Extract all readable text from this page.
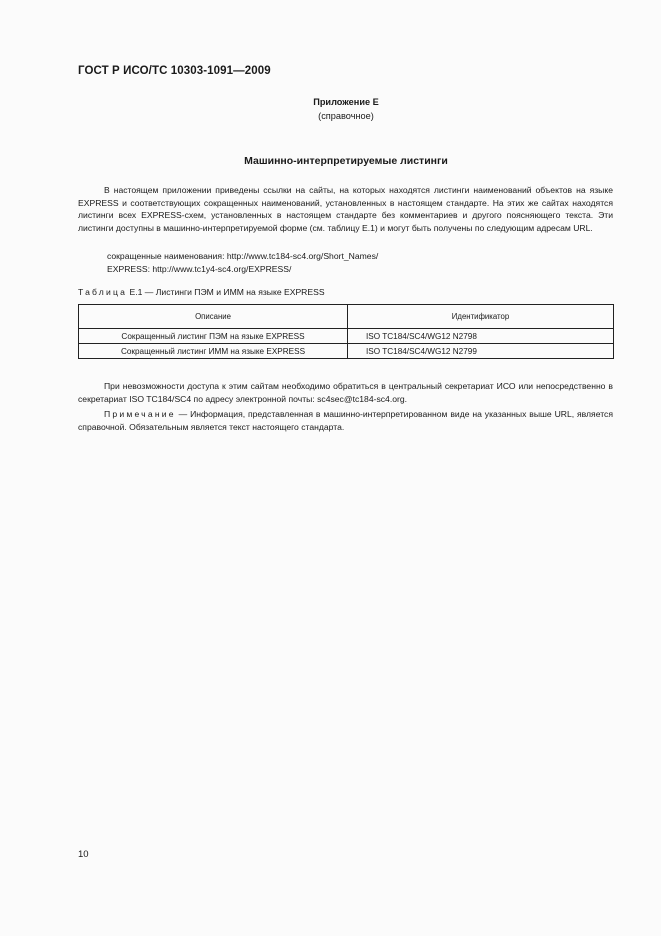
ГОСТ Р ИСО/ТС 10303-1091—2009
Приложение Е
(справочное)
Машинно-интерпретируемые листинги

В настоящем приложении приведены ссылки на сайты, на которых находятся листинги наименований объектов на языке EXPRESS и соответствующих сокращенных наименований, установленных в настоящем стандарте. На этих же сайтах находятся листинги всех EXPRESS-схем, установленных в настоящем стандарте без комментариев и другого поясняющего текста. Эти листинги доступны в машинно-интерпретируемой форме (см. таблицу Е.1) и могут быть получены по следующим адресам URL.

сокращенные наименования: http://www.tc184-sc4.org/Short_Names/
EXPRESS: http://www.tc1y4-sc4.org/EXPRESS/
Таблица Е.1 — Листинги ПЭМ и ИММ на языке EXPRESS
Описание	Идентификатор
Сокращенный листинг ПЭМ на языке EXPRESS	ISO TC184/SC4/WG12 N2798
Сокращенный листинг ИММ на языке EXPRESS	ISO TC184/SC4/WG12 N2799

При невозможности доступа к этим сайтам необходимо обратиться в центральный секретариат ИСО или непосредственно в секретариат ISO TC184/SC4 по адресу электронной почты: sc4sec@tc184-sc4.org.

Примечание — Информация, представленная в машинно-интерпретированном виде на указанных выше URL, является справочной. Обязательным является текст настоящего стандарта.

10
